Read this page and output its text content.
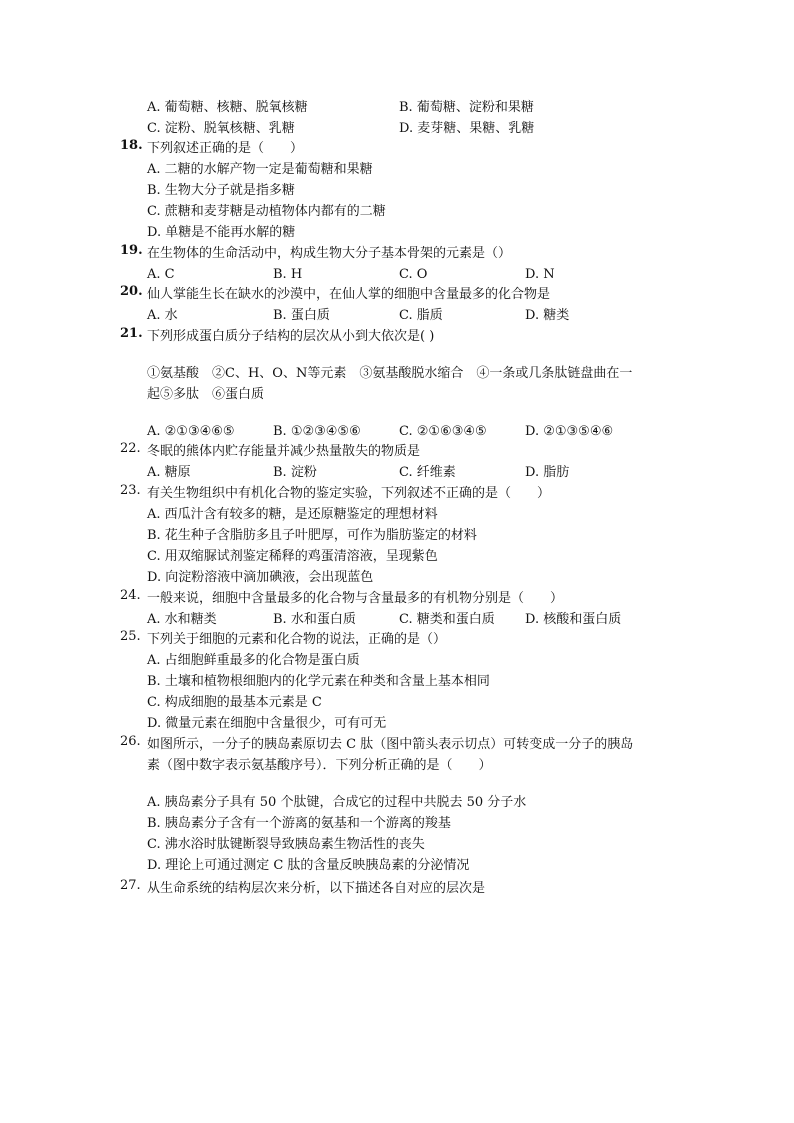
A. 葡萄糖、核糖、脱氧核糖	B. 葡萄糖、淀粉和果糖
C. 淀粉、脱氧核糖、乳糖	D. 麦芽糖、果糖、乳糖
18. 下列叙述正确的是（　　）
A. 二糖的水解产物一定是葡萄糖和果糖
B. 生物大分子就是指多糖
C. 蔗糖和麦芽糖是动植物体内都有的二糖
D. 单糖是不能再水解的糖
19. 在生物体的生命活动中，构成生物大分子基本骨架的元素是（）
A. C	B. H	C. O	D. N
20. 仙人掌能生长在缺水的沙漠中，在仙人掌的细胞中含量最多的化合物是
A. 水	B. 蛋白质	C. 脂质	D. 糖类
21. 下列形成蛋白质分子结构的层次从小到大依次是( )
①氨基酸　②C、H、O、N等元素　③氨基酸脱水缩合　④一条或几条肽链盘曲在一
起⑤多肽　⑥蛋白质
A. ②①③④⑥⑤	B. ①②③④⑤⑥	C. ②①⑥③④⑤	D. ②①③⑤④⑥
22. 冬眠的熊体内贮存能量并减少热量散失的物质是
A. 糖原	B. 淀粉	C. 纤维素	D. 脂肪
23. 有关生物组织中有机化合物的鉴定实验，下列叙述不正确的是（　　）
A. 西瓜汁含有较多的糖，是还原糖鉴定的理想材料
B. 花生种子含脂肪多且子叶肥厚，可作为脂肪鉴定的材料
C. 用双缩脲试剂鉴定稀释的鸡蛋清溶液，呈现紫色
D. 向淀粉溶液中滴加碘液，会出现蓝色
24. 一般来说，细胞中含量最多的化合物与含量最多的有机物分别是（　　）
A. 水和糖类	B. 水和蛋白质	C. 糖类和蛋白质 D. 核酸和蛋白质
25. 下列关于细胞的元素和化合物的说法，正确的是（）
A. 占细胞鲜重最多的化合物是蛋白质
B. 土壤和植物根细胞内的化学元素在种类和含量上基本相同
C. 构成细胞的最基本元素是 C
D. 微量元素在细胞中含量很少，可有可无
26. 如图所示，一分子的胰岛素原切去 C 肽（图中箭头表示切点）可转变成一分子的胰岛
素（图中数字表示氨基酸序号）．下列分析正确的是（　　）
A. 胰岛素分子具有 50 个肽键，合成它的过程中共脱去 50 分子水
B. 胰岛素分子含有一个游离的氨基和一个游离的羧基
C. 沸水浴时肽键断裂导致胰岛素生物活性的丧失
D. 理论上可通过测定 C 肽的含量反映胰岛素的分泌情况
27. 从生命系统的结构层次来分析，以下描述各自对应的层次是
